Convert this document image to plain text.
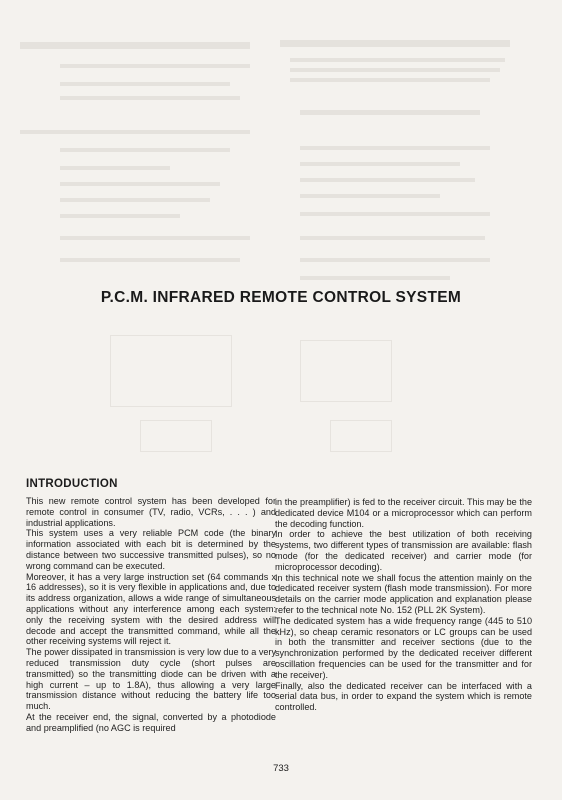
P.C.M. INFRARED REMOTE CONTROL SYSTEM
INTRODUCTION

This new remote control system has been developed for remote control in consumer (TV, radio, VCRs, . . . ) and industrial applications.

This system uses a very reliable PCM code (the binary information associated with each bit is determined by the distance between two successive transmitted pulses), so no wrong command can be executed.

Moreover, it has a very large instruction set (64 commands x 16 addresses), so it is very flexible in applications and, due to its address organization, allows a wide range of simultaneous applications without any interference among each system: only the receiving system with the desired address will decode and accept the transmitted command, while all the other receiving systems will reject it.

The power dissipated in transmission is very low due to a very reduced transmission duty cycle (short pulses are transmitted) so the transmitting diode can be driven with a high current – up to 1.8A), thus allowing a very large transmission distance without reducing the battery life too much.

At the receiver end, the signal, converted by a photodiode and preamplified (no AGC is required

in the preamplifier) is fed to the receiver circuit. This may be the dedicated device M104 or a microprocessor which can perform the decoding function.

In order to achieve the best utilization of both receiving systems, two different types of transmission are available: flash mode (for the dedicated receiver) and carrier mode (for microprocessor decoding).

In this technical note we shall focus the attention mainly on the dedicated receiver system (flash mode transmission). For more details on the carrier mode application and explanation please refer to the technical note No. 152 (PLL 2K System).

The dedicated system has a wide frequency range (445 to 510 kHz), so cheap ceramic resonators or LC groups can be used in both the transmitter and receiver sections (due to the synchronization performed by the dedicated receiver different oscillation frequencies can be used for the transmitter and for the receiver).

Finally, also the dedicated receiver can be interfaced with a serial data bus, in order to expand the system which is remote controlled.

733
